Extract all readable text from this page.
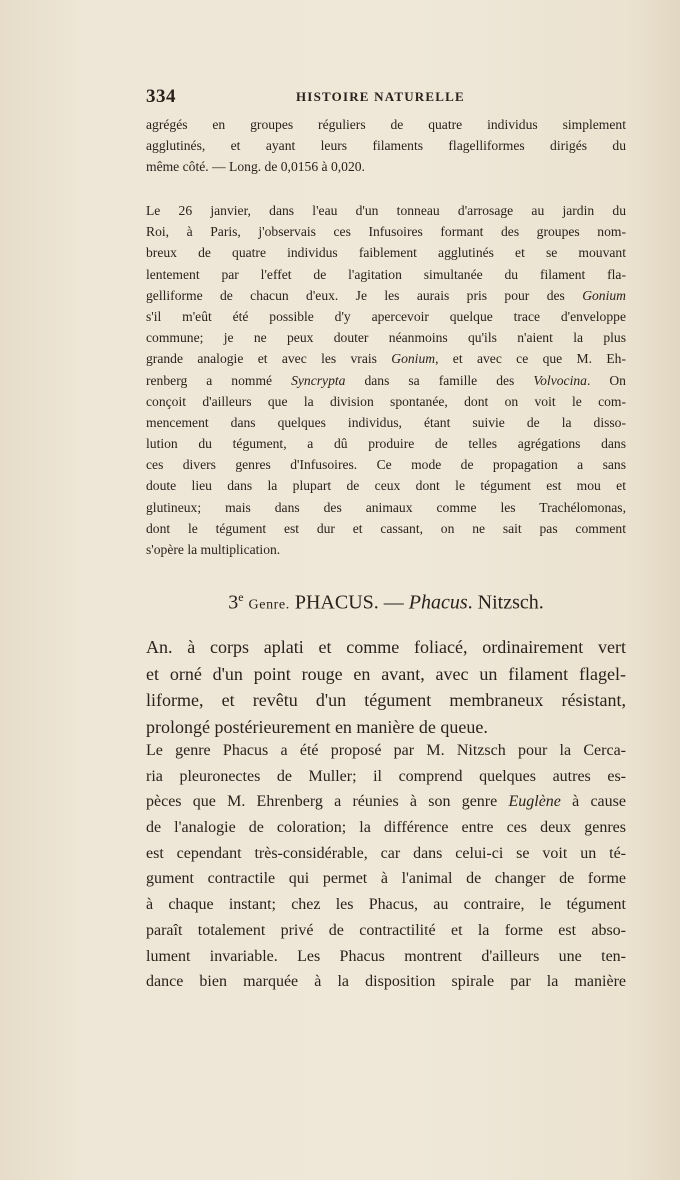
334	HISTOIRE NATURELLE
agrégés en groupes réguliers de quatre individus simplement
agglutinés, et ayant leurs filaments flagelliformes dirigés du
même côté. — Long. de 0,0156 à 0,020.
Le 26 janvier, dans l'eau d'un tonneau d'arrosage au jardin du
Roi, à Paris, j'observais ces Infusoires formant des groupes nom-
breux de quatre individus faiblement agglutinés et se mouvant
lentement par l'effet de l'agitation simultanée du filament fla-
gelliforme de chacun d'eux. Je les aurais pris pour des Gonium
s'il m'eût été possible d'y apercevoir quelque trace d'enveloppe
commune; je ne peux douter néanmoins qu'ils n'aient la plus
grande analogie et avec les vrais Gonium, et avec ce que M. Eh-
renberg a nommé Syncrypta dans sa famille des Volvocina. On
conçoit d'ailleurs que la division spontanée, dont on voit le com-
mencement dans quelques individus, étant suivie de la disso-
lution du tégument, a dû produire de telles agrégations dans
ces divers genres d'Infusoires. Ce mode de propagation a sans
doute lieu dans la plupart de ceux dont le tégument est mou et
glutineux; mais dans des animaux comme les Trachélomonas,
dont le tégument est dur et cassant, on ne sait pas comment
s'opère la multiplication.
3e Genre. PHACUS. — Phacus. Nitzsch.
An. à corps aplati et comme foliacé, ordinairement vert
et orné d'un point rouge en avant, avec un filament flagel-
liforme, et revêtu d'un tégument membraneux résistant,
prolongé postérieurement en manière de queue.
Le genre Phacus a été proposé par M. Nitzsch pour la Cerca-
ria pleuronectes de Muller; il comprend quelques autres es-
pèces que M. Ehrenberg a réunies à son genre Euglène à cause
de l'analogie de coloration; la différence entre ces deux genres
est cependant très-considérable, car dans celui-ci se voit un té-
gument contractile qui permet à l'animal de changer de forme
à chaque instant; chez les Phacus, au contraire, le tégument
paraît totalement privé de contractilité et la forme est abso-
lument invariable. Les Phacus montrent d'ailleurs une ten-
dance bien marquée à la disposition spirale par la manière
